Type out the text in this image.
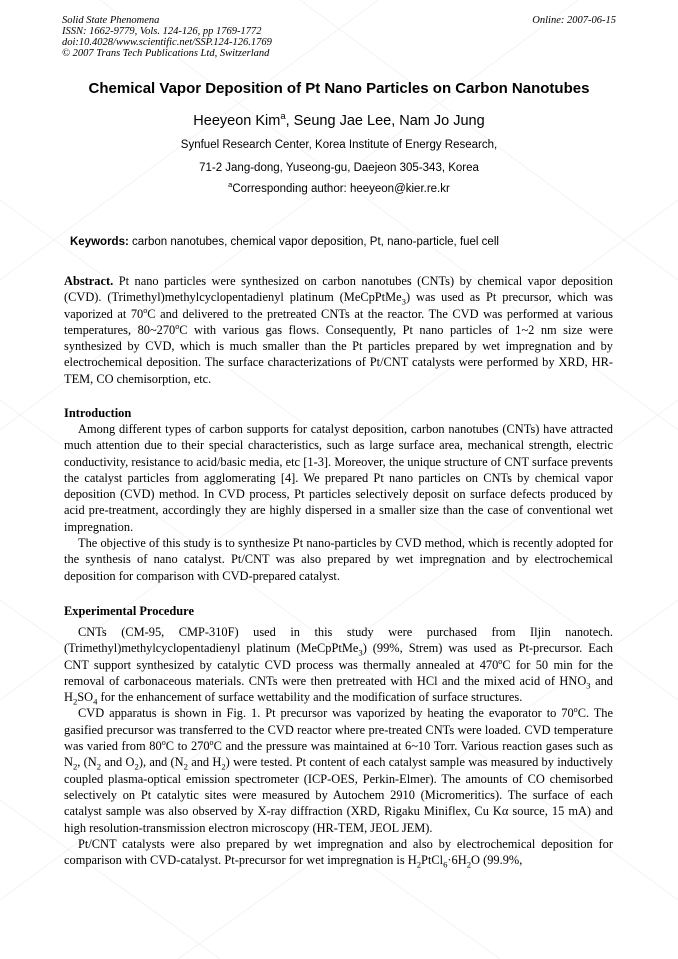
Solid State Phenomena
ISSN: 1662-9779, Vols. 124-126, pp 1769-1772
doi:10.4028/www.scientific.net/SSP.124-126.1769
© 2007 Trans Tech Publications Ltd, Switzerland
Online: 2007-06-15
Chemical Vapor Deposition of Pt Nano Particles on Carbon Nanotubes
Heeyeon Kim$^a$, Seung Jae Lee, Nam Jo Jung
Synfuel Research Center, Korea Institute of Energy Research,
71-2 Jang-dong, Yuseong-gu, Daejeon 305-343, Korea
$^a$Corresponding author: heeyeon@kier.re.kr
Keywords: carbon nanotubes, chemical vapor deposition, Pt, nano-particle, fuel cell

Abstract. Pt nano particles were synthesized on carbon nanotubes (CNTs) by chemical vapor deposition (CVD). (Trimethyl)methylcyclopentadienyl platinum (MeCpPtMe$_3$) was used as Pt precursor, which was vaporized at 70$^o$C and delivered to the pretreated CNTs at the reactor. The CVD was performed at various temperatures, 80~270$^o$C with various gas flows. Consequently, Pt nano particles of 1~2 nm size were synthesized by CVD, which is much smaller than the Pt particles prepared by wet impregnation and by electrochemical deposition. The surface characterizations of Pt/CNT catalysts were performed by XRD, HR-TEM, CO chemisorption, etc.

Introduction

Among different types of carbon supports for catalyst deposition, carbon nanotubes (CNTs) have attracted much attention due to their special characteristics, such as large surface area, mechanical strength, electric conductivity, resistance to acid/basic media, etc [1-3]. Moreover, the unique structure of CNT surface prevents the catalyst particles from agglomerating [4]. We prepared Pt nano particles on CNTs by chemical vapor deposition (CVD) method. In CVD process, Pt particles selectively deposit on surface defects produced by acid pre-treatment, accordingly they are highly dispersed in a smaller size than the case of conventional wet impregnation.

The objective of this study is to synthesize Pt nano-particles by CVD method, which is recently adopted for the synthesis of nano catalyst. Pt/CNT was also prepared by wet impregnation and by electrochemical deposition for comparison with CVD-prepared catalyst.

Experimental Procedure

CNTs (CM-95, CMP-310F) used in this study were purchased from Iljin nanotech. (Trimethyl)methylcyclopentadienyl platinum (MeCpPtMe$_3$) (99%, Strem) was used as Pt-precursor. Each CNT support synthesized by catalytic CVD process was thermally annealed at 470$^o$C for 50 min for the removal of carbonaceous materials. CNTs were then pretreated with HCl and the mixed acid of $HNO_3$ and $H_2SO_4$ for the enhancement of surface wettability and the modification of surface structures.

CVD apparatus is shown in Fig. 1. Pt precursor was vaporized by heating the evaporator to 70$^o$C. The gasified precursor was transferred to the CVD reactor where pre-treated CNTs were loaded. CVD temperature was varied from 80$^o$C to 270$^o$C and the pressure was maintained at 6~10 Torr. Various reaction gases such as $N_2$, ($N_2$ and $O_2$), and ($N_2$ and $H_2$) were tested. Pt content of each catalyst sample was measured by inductively coupled plasma-optical emission spectrometer (ICP-OES, Perkin-Elmer). The amounts of CO chemisorbed selectively on Pt catalytic sites were measured by Autochem 2910 (Micromeritics). The surface of each catalyst sample was also observed by X-ray diffraction (XRD, Rigaku Miniflex, Cu Kα source, 15 mA) and high resolution-transmission electron microscopy (HR-TEM, JEOL JEM).

Pt/CNT catalysts were also prepared by wet impregnation and also by electrochemical deposition for comparison with CVD-catalyst. Pt-precursor for wet impregnation is $H_2PtCl_6\cdot 6H_2O$ (99.9%,
